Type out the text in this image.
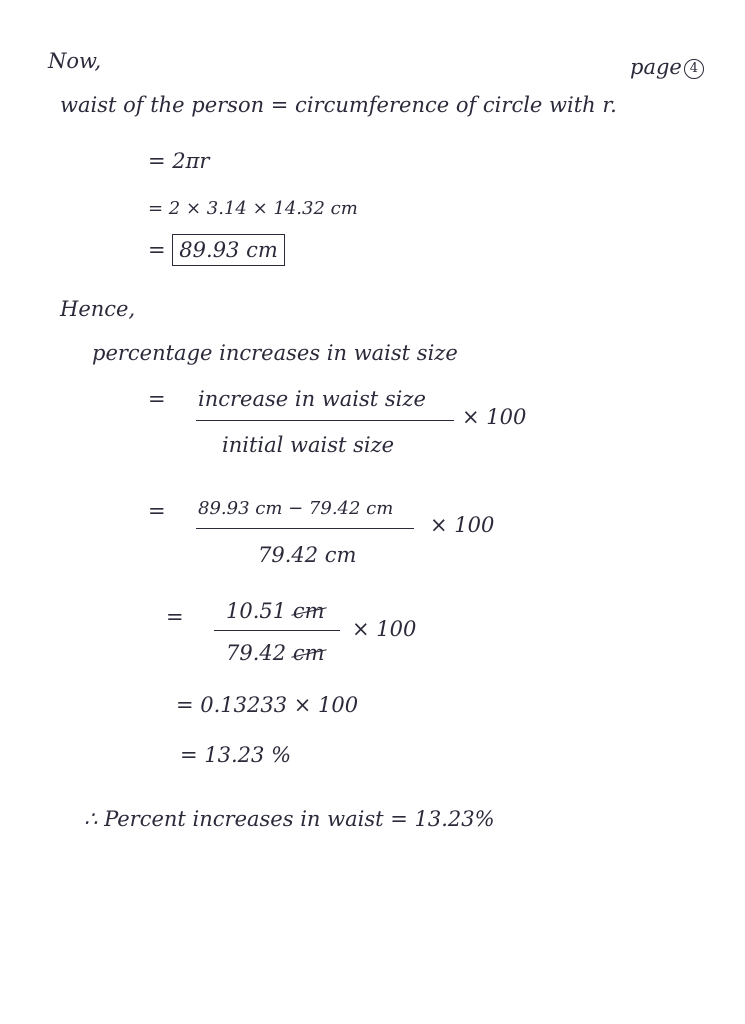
Now,	page 4
waist of the person = circumference of circle with r.
= 2πr
= 2 × 3.14 × 14.32 cm
= 89.93 cm
Hence,
percentage increases in waist size
= increase in waist size
× 100
initial waist size
= 89.93 cm − 79.42 cm
× 100
79.42 cm
= 10.51 cm
× 100
79.42 cm
= 0.13233 × 100
= 13.23 %
∴ Percent increases in waist = 13.23%
